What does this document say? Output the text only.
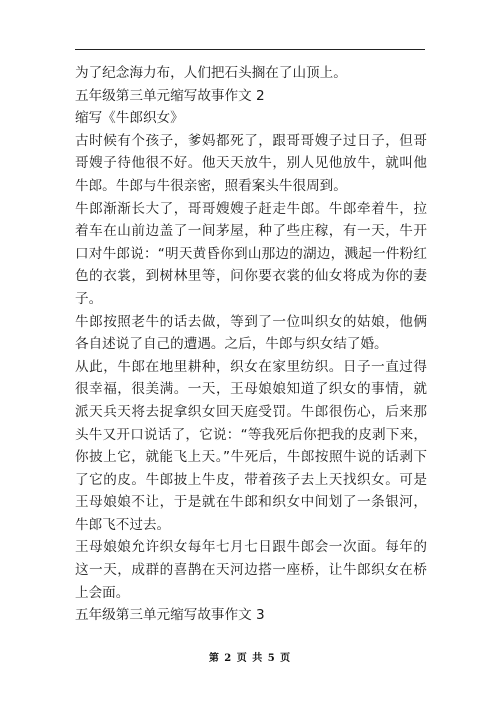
为了纪念海力布，人们把石头搁在了山顶上。

五年级第三单元缩写故事作文 2

缩写《牛郎织女》

古时候有个孩子，爹妈都死了，跟哥哥嫂子过日子，但哥哥嫂子待他很不好。他天天放牛，别人见他放牛，就叫他牛郎。牛郎与牛很亲密，照看案头牛很周到。

牛郎渐渐长大了，哥哥嫂嫂子赶走牛郎。牛郎牵着牛，拉着车在山前边盖了一间茅屋，种了些庄稼，有一天，牛开口对牛郎说：“明天黄昏你到山那边的湖边，溅起一件粉红色的衣裳，到树林里等，问你要衣裳的仙女将成为你的妻子。

牛郎按照老牛的话去做，等到了一位叫织女的姑娘，他俩各自述说了自己的遭遇。之后，牛郎与织女结了婚。

从此，牛郎在地里耕种，织女在家里纺织。日子一直过得很幸福，很美满。一天，王母娘娘知道了织女的事情，就派天兵天将去捉拿织女回天庭受罚。牛郎很伤心，后来那头牛又开口说话了，它说：“等我死后你把我的皮剥下来，你披上它，就能飞上天。”牛死后，牛郎按照牛说的话剥下了它的皮。牛郎披上牛皮，带着孩子去上天找织女。可是王母娘娘不让，于是就在牛郎和织女中间划了一条银河，牛郎飞不过去。

王母娘娘允许织女每年七月七日跟牛郎会一次面。每年的这一天，成群的喜鹊在天河边搭一座桥，让牛郎织女在桥上会面。

五年级第三单元缩写故事作文 3

第 2 页 共 5 页
